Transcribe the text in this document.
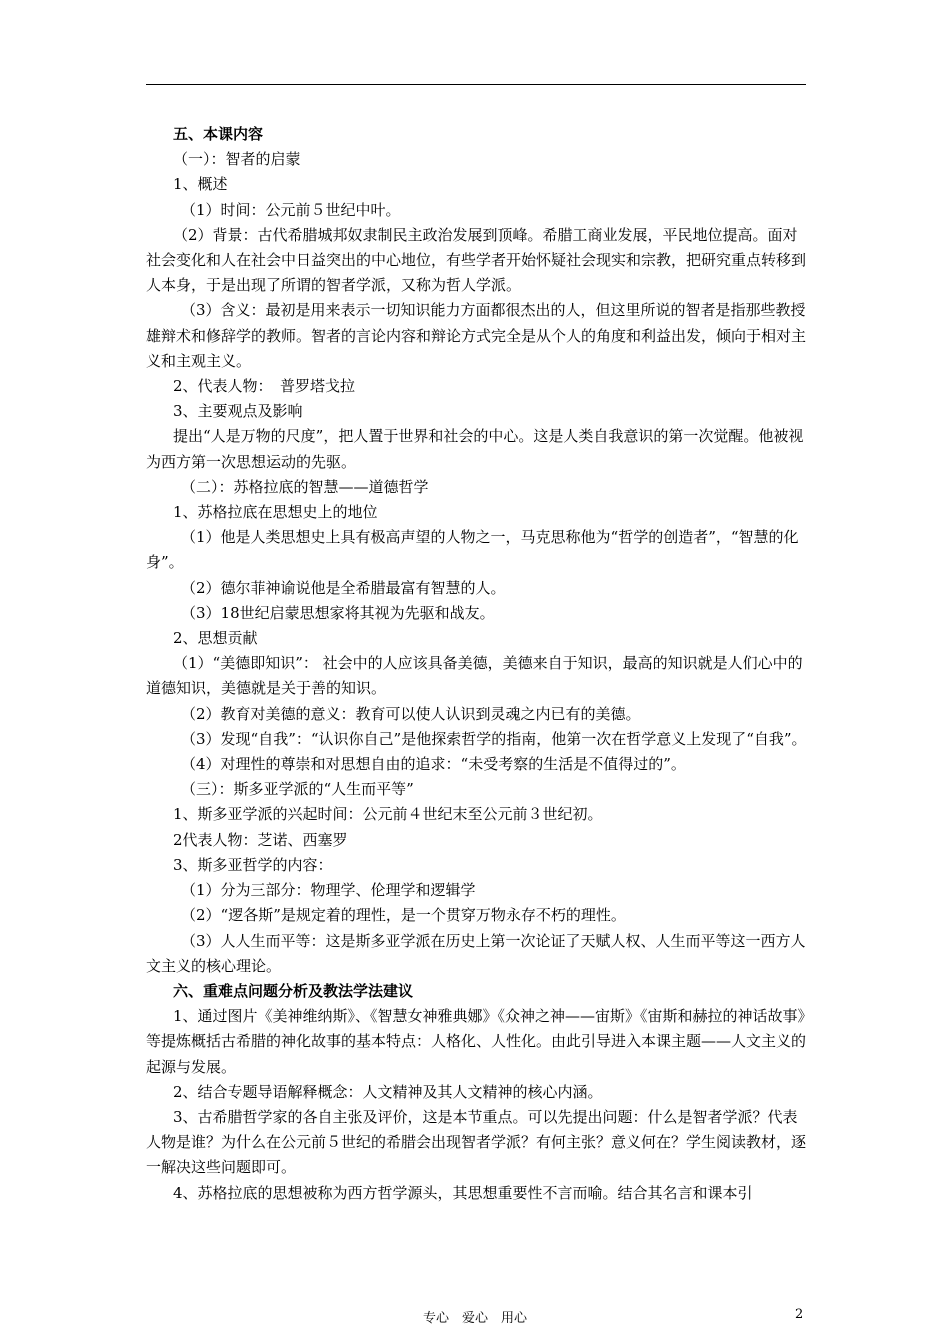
五、本课内容
（一）：智者的启蒙
1、概述
（1）时间：公元前５世纪中叶。
（2）背景：古代希腊城邦奴隶制民主政治发展到顶峰。希腊工商业发展，平民地位提高。面对社会变化和人在社会中日益突出的中心地位，有些学者开始怀疑社会现实和宗教，把研究重点转移到人本身，于是出现了所谓的智者学派，又称为哲人学派。
（3）含义：最初是用来表示一切知识能力方面都很杰出的人，但这里所说的智者是指那些教授雄辩术和修辞学的教师。智者的言论内容和辩论方式完全是从个人的角度和利益出发，倾向于相对主义和主观主义。
2、代表人物：　普罗塔戈拉
3、主要观点及影响
提出“人是万物的尺度”，把人置于世界和社会的中心。这是人类自我意识的第一次觉醒。他被视为西方第一次思想运动的先驱。
（二）：苏格拉底的智慧——道德哲学
1、苏格拉底在思想史上的地位
（1）他是人类思想史上具有极高声望的人物之一，马克思称他为“哲学的创造者”，“智慧的化身”。
（2）德尔菲神谕说他是全希腊最富有智慧的人。
（3）18世纪启蒙思想家将其视为先驱和战友。
2、思想贡献
（1）“美德即知识”： 社会中的人应该具备美德，美德来自于知识，最高的知识就是人们心中的道德知识，美德就是关于善的知识。
（2）教育对美德的意义：教育可以使人认识到灵魂之内已有的美德。
（3）发现“自我”：“认识你自己”是他探索哲学的指南，他第一次在哲学意义上发现了“自我”。
（4）对理性的尊崇和对思想自由的追求：“未受考察的生活是不值得过的”。
（三）：斯多亚学派的“人生而平等”
1、斯多亚学派的兴起时间：公元前４世纪末至公元前３世纪初。
2代表人物：芝诺、西塞罗
3、斯多亚哲学的内容：
（1）分为三部分：物理学、伦理学和逻辑学
（2）“逻各斯”是规定着的理性，是一个贯穿万物永存不朽的理性。
（3）人人生而平等：这是斯多亚学派在历史上第一次论证了天赋人权、人生而平等这一西方人文主义的核心理论。
六、重难点问题分析及教法学法建议
1、通过图片《美神维纳斯》、《智慧女神雅典娜》《众神之神——宙斯》《宙斯和赫拉的神话故事》等提炼概括古希腊的神化故事的基本特点：人格化、人性化。由此引导进入本课主题——人文主义的起源与发展。
2、结合专题导语解释概念：人文精神及其人文精神的核心内涵。
3、古希腊哲学家的各自主张及评价，这是本节重点。可以先提出问题：什么是智者学派？代表人物是谁？为什么在公元前５世纪的希腊会出现智者学派？有何主张？意义何在？学生阅读教材，逐一解决这些问题即可。
4、苏格拉底的思想被称为西方哲学源头，其思想重要性不言而喻。结合其名言和课本引
专心　爱心　用心	2
